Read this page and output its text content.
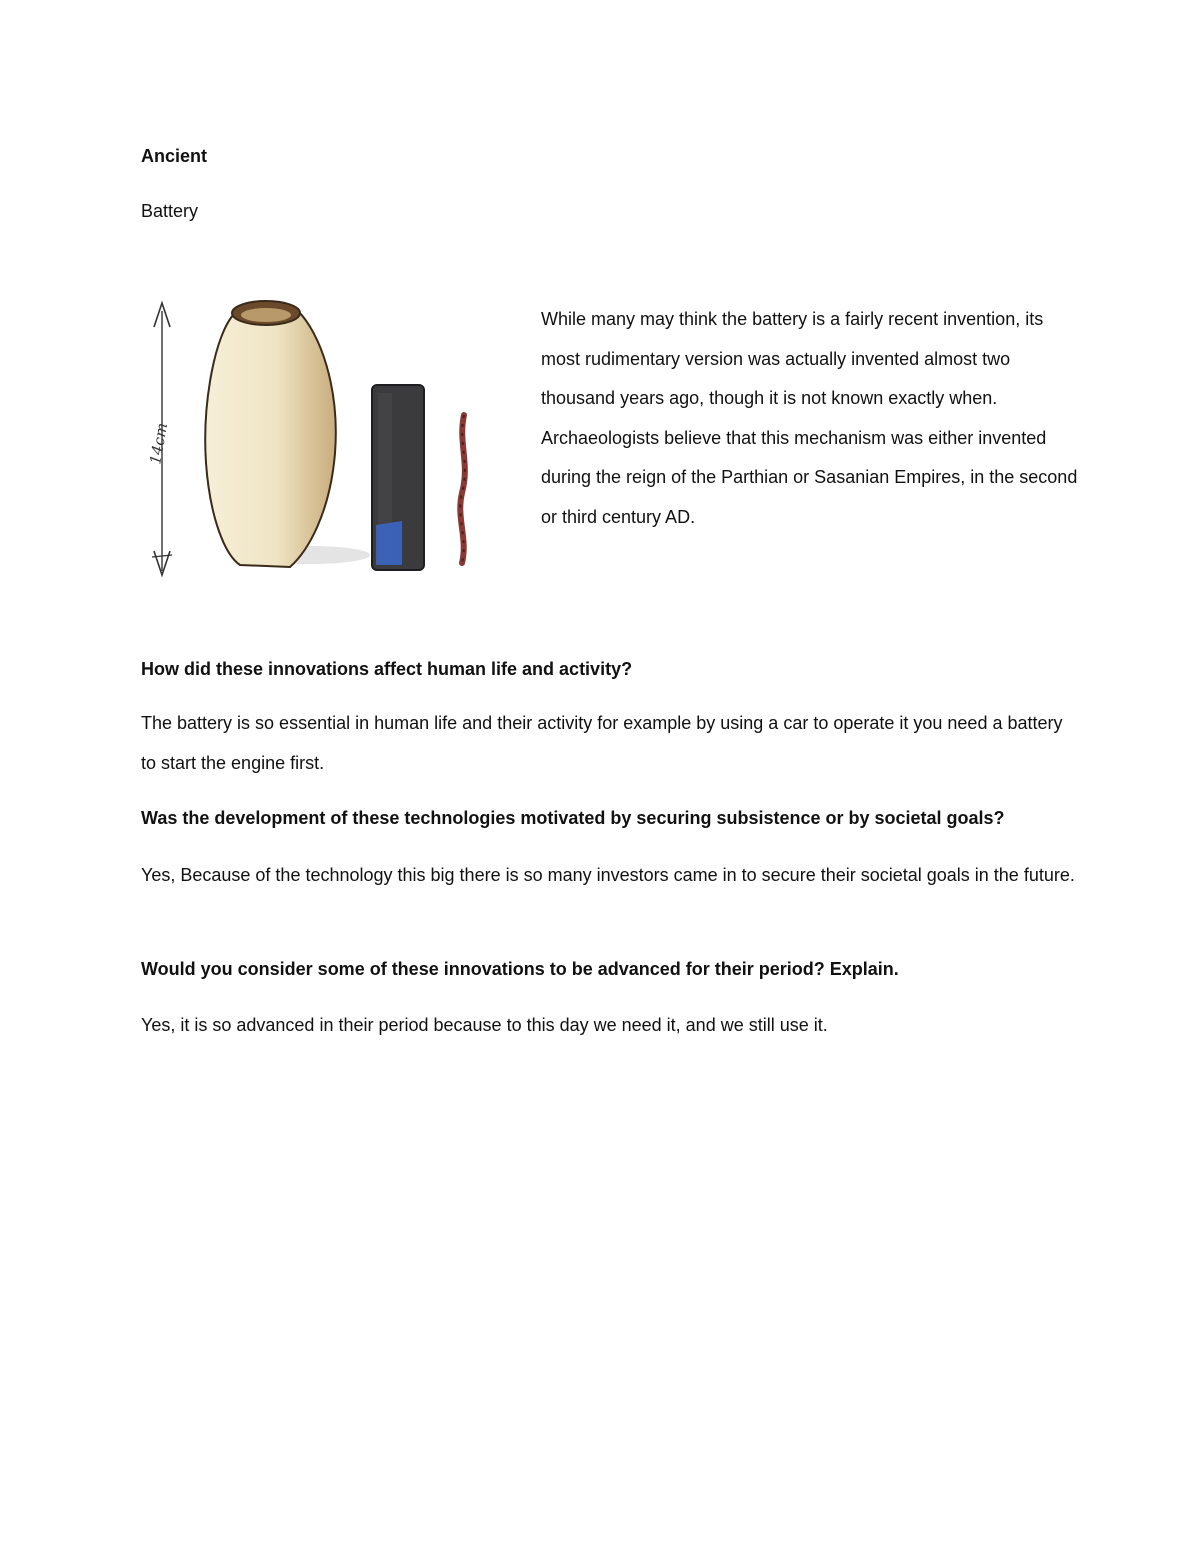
Ancient

Battery

14cm

While many may think the battery is a fairly recent invention, its most rudimentary version was actually invented almost two thousand years ago, though it is not known exactly when. Archaeologists believe that this mechanism was either invented during the reign of the Parthian or Sasanian Empires, in the second or third century AD.

How did these innovations affect human life and activity?

The battery is so essential in human life and their activity for example by using a car to operate it you need a battery to start the engine first.

Was the development of these technologies motivated by securing subsistence or by societal goals?

Yes, Because of the technology this big there is so many investors came in to secure their societal goals in the future.

Would you consider some of these innovations to be advanced for their period? Explain.

Yes, it is so advanced in their period because to this day we need it, and we still use it.
